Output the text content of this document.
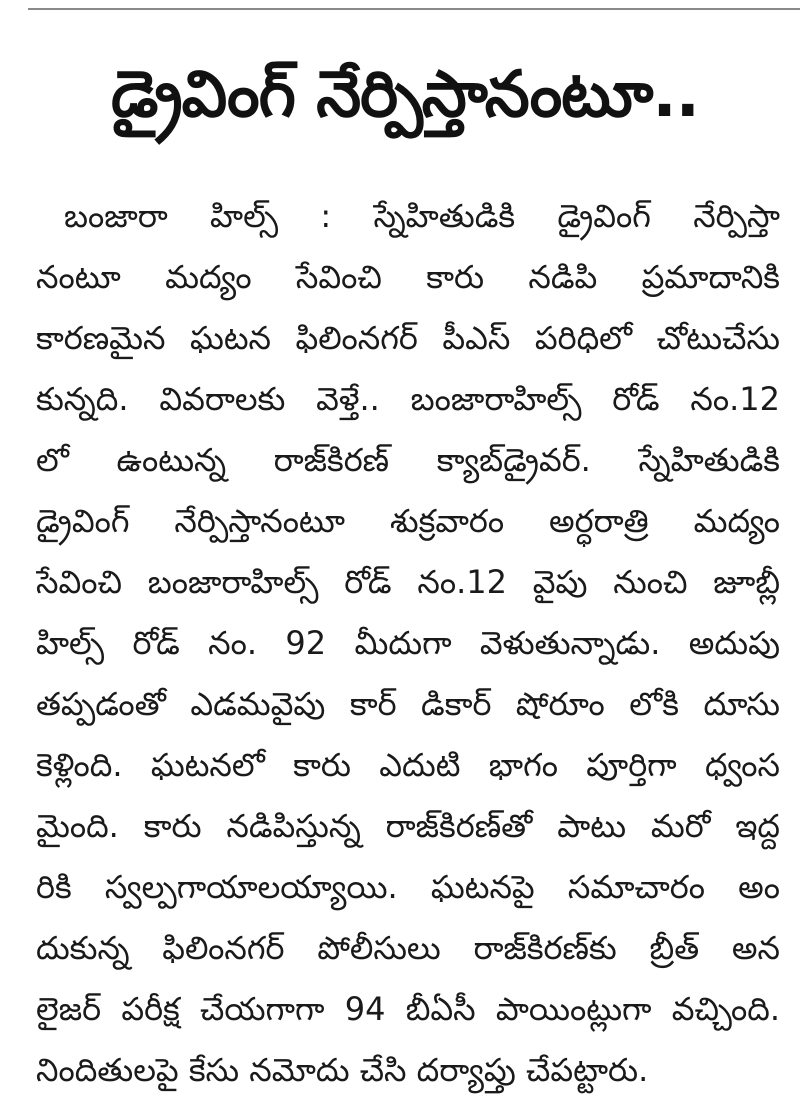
డ్రైవింగ్ నేర్పిస్తానంటూ..
బంజారా హిల్స్ : స్నేహితుడికి డ్రైవింగ్ నేర్పిస్తా
నంటూ మద్యం సేవించి కారు నడిపి ప్రమాదానికి
కారణమైన ఘటన ఫిలింనగర్ పీఎస్ పరిధిలో చోటుచేసు
కున్నది. వివరాలకు వెళ్తే.. బంజారాహిల్స్ రోడ్ నం.12
లో ఉంటున్న రాజ్‌కిరణ్ క్యాబ్‌డ్రైవర్. స్నేహితుడికి
డ్రైవింగ్ నేర్పిస్తానంటూ శుక్రవారం అర్ధరాత్రి మద్యం
సేవించి బంజారాహిల్స్ రోడ్ నం.12 వైపు నుంచి జూబ్లీ
హిల్స్ రోడ్ నం. 92 మీదుగా వెళుతున్నాడు. అదుపు
తప్పడంతో ఎడమవైపు కార్ డికార్ షోరూం లోకి దూసు
కెళ్లింది. ఘటనలో కారు ఎదుటి భాగం పూర్తిగా ధ్వంస
మైంది. కారు నడిపిస్తున్న రాజ్‌కిరణ్‌తో పాటు మరో ఇద్ద
రికి స్వల్పగాయాలయ్యాయి. ఘటనపై సమాచారం అం
దుకున్న ఫిలింనగర్ పోలీసులు రాజ్‌కిరణ్‌కు బ్రీత్ అన
లైజర్ పరీక్ష చేయగాగా 94 బీఏసీ పాయింట్లుగా వచ్చింది.
నిందితులపై కేసు నమోదు చేసి దర్యాప్తు చేపట్టారు.
